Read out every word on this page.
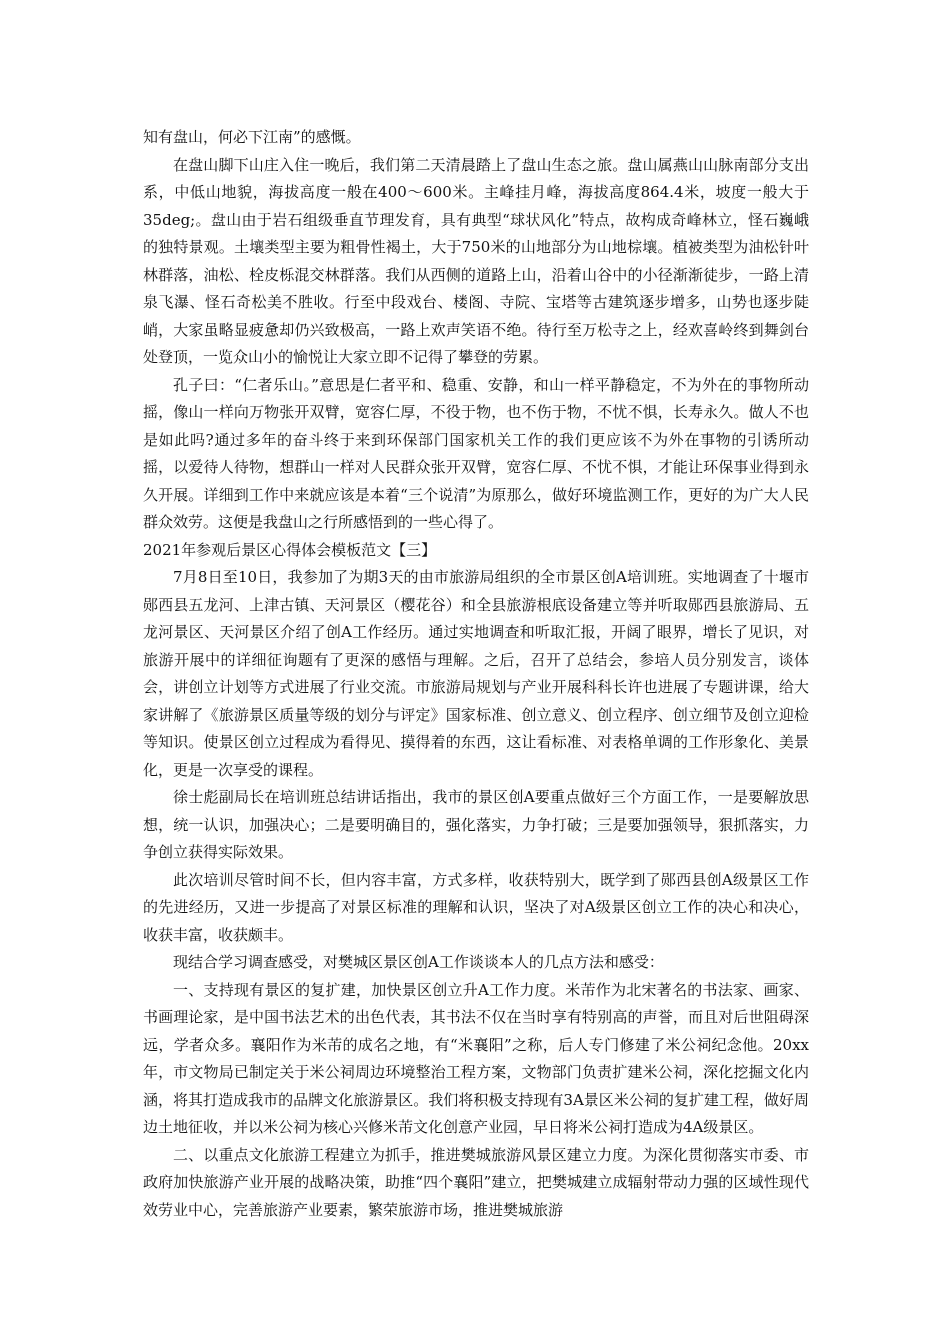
知有盘山，何必下江南”的感慨。

在盘山脚下山庄入住一晚后，我们第二天清晨踏上了盘山生态之旅。盘山属燕山山脉南部分支出系，中低山地貌，海拔高度一般在400～600米。主峰挂月峰，海拔高度864.4米，坡度一般大于35deg;。盘山由于岩石组级垂直节理发育，具有典型“球状风化”特点，故构成奇峰林立，怪石巍峨的独特景观。土壤类型主要为粗骨性褐土，大于750米的山地部分为山地棕壤。植被类型为油松针叶林群落，油松、栓皮栎混交林群落。我们从西侧的道路上山，沿着山谷中的小径渐渐徒步，一路上清泉飞瀑、怪石奇松美不胜收。行至中段戏台、楼阁、寺院、宝塔等古建筑逐步增多，山势也逐步陡峭，大家虽略显疲惫却仍兴致极高，一路上欢声笑语不绝。待行至万松寺之上，经欢喜岭终到舞剑台处登顶，一览众山小的愉悦让大家立即不记得了攀登的劳累。

孔子曰：“仁者乐山。”意思是仁者平和、稳重、安静，和山一样平静稳定，不为外在的事物所动摇，像山一样向万物张开双臂，宽容仁厚，不役于物，也不伤于物，不忧不惧，长寿永久。做人不也是如此吗?通过多年的奋斗终于来到环保部门国家机关工作的我们更应该不为外在事物的引诱所动摇，以爱待人待物，想群山一样对人民群众张开双臂，宽容仁厚、不忧不惧，才能让环保事业得到永久开展。详细到工作中来就应该是本着“三个说清”为原那么，做好环境监测工作，更好的为广大人民群众效劳。这便是我盘山之行所感悟到的一些心得了。

2021年参观后景区心得体会模板范文【三】

7月8日至10日，我参加了为期3天的由市旅游局组织的全市景区创A培训班。实地调查了十堰市郧西县五龙河、上津古镇、天河景区（樱花谷）和全县旅游根底设备建立等并听取郧西县旅游局、五龙河景区、天河景区介绍了创A工作经历。通过实地调查和听取汇报，开阔了眼界，增长了见识，对旅游开展中的详细征询题有了更深的感悟与理解。之后，召开了总结会，参培人员分别发言，谈体会，讲创立计划等方式进展了行业交流。市旅游局规划与产业开展科科长许也进展了专题讲课，给大家讲解了《旅游景区质量等级的划分与评定》国家标准、创立意义、创立程序、创立细节及创立迎检等知识。使景区创立过程成为看得见、摸得着的东西，这让看标准、对表格单调的工作形象化、美景化，更是一次享受的课程。

徐士彪副局长在培训班总结讲话指出，我市的景区创A要重点做好三个方面工作，一是要解放思想，统一认识，加强决心；二是要明确目的，强化落实，力争打破；三是要加强领导，狠抓落实，力争创立获得实际效果。

此次培训尽管时间不长，但内容丰富，方式多样，收获特别大，既学到了郧西县创A级景区工作的先进经历，又进一步提高了对景区标准的理解和认识，坚决了对A级景区创立工作的决心和决心，收获丰富，收获颇丰。

现结合学习调查感受，对樊城区景区创A工作谈谈本人的几点方法和感受：

一、支持现有景区的复扩建，加快景区创立升A工作力度。米芾作为北宋著名的书法家、画家、书画理论家，是中国书法艺术的出色代表，其书法不仅在当时享有特别高的声誉，而且对后世阻碍深远，学者众多。襄阳作为米芾的成名之地，有“米襄阳”之称，后人专门修建了米公祠纪念他。20xx年，市文物局已制定关于米公祠周边环境整治工程方案，文物部门负责扩建米公祠，深化挖掘文化内涵，将其打造成我市的品牌文化旅游景区。我们将积极支持现有3A景区米公祠的复扩建工程，做好周边土地征收，并以米公祠为核心兴修米芾文化创意产业园，早日将米公祠打造成为4A级景区。

二、以重点文化旅游工程建立为抓手，推进樊城旅游风景区建立力度。为深化贯彻落实市委、市政府加快旅游产业开展的战略决策，助推“四个襄阳”建立，把樊城建立成辐射带动力强的区域性现代效劳业中心，完善旅游产业要素，繁荣旅游市场，推进樊城旅游
